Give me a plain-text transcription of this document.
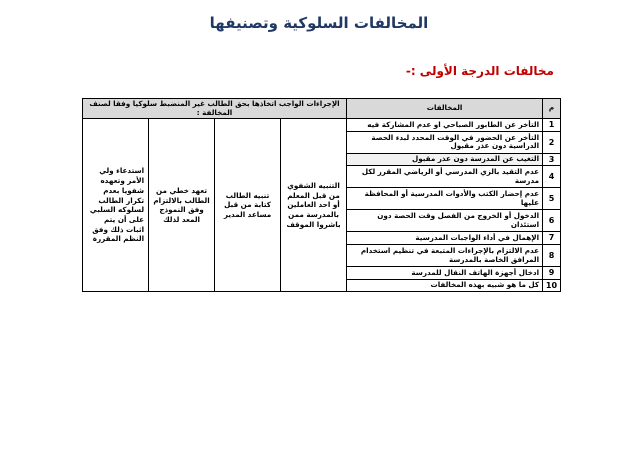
المخالفات السلوكية وتصنيفها
مخالفات الدرجة الأولى :-
م	المخالفات	الإجراءات الواجب اتخاذها بحق الطالب غير المنضبط سلوكيا وفقا لصنف المخالفة :			
1	التأخر عن الطابور الصباحي او عدم المشاركة فيه	التنبيه الشفوي من قبل المعلم أو احد العاملين بالمدرسة ممن باشروا الموقف	تنبيه الطالب كتابة من قبل مساعد المدير	تعهد خطي من الطالب بالالتزام وفق النموذج المعد لذلك	استدعاء ولي الأمر وتعهده شفويا بعدم تكرار الطالب لسلوكه السلبي على أن يتم اثبات ذلك وفق النظم المقررة
2	التأخر عن الحضور في الوقت المحدد لبدء الحصة الدراسية دون عذر مقبول				
3	التغيب عن المدرسة دون عذر مقبول				
4	عدم التقيد بالزي المدرسي أو الرياضي المقرر لكل مدرسة				
5	عدم إحضار الكتب والأدوات المدرسية أو المحافظة عليها				
6	الدخول أو الخروج من الفصل وقت الحصة دون استئذان				
7	الإهمال في أداء الواجبات المدرسية				
8	عدم الالتزام بالإجراءات المتبعة في تنظيم استخدام المرافق الخاصة بالمدرسة				
9	ادخال أجهزة الهاتف النقال للمدرسة				
10	كل ما هو شبيه بهذه المخالفات				
